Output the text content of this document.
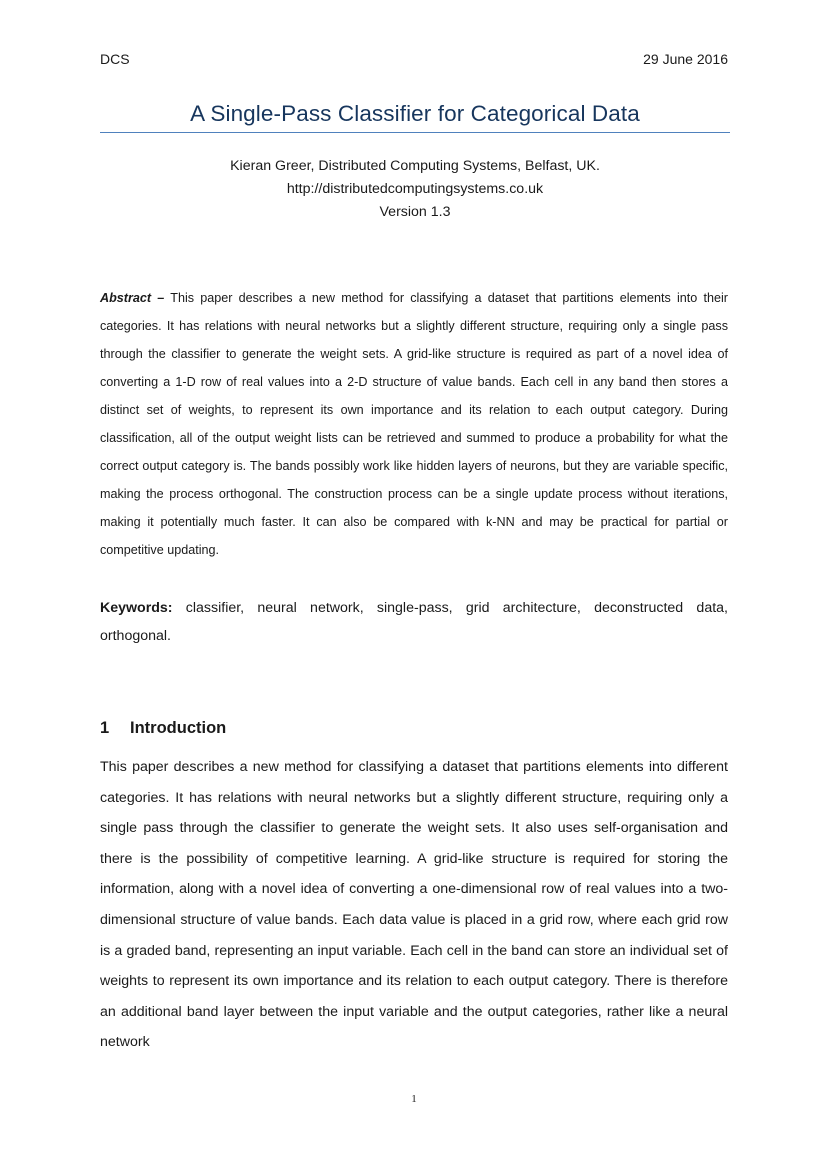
DCS	29 June 2016
A Single-Pass Classifier for Categorical Data
Kieran Greer, Distributed Computing Systems, Belfast, UK.
http://distributedcomputingsystems.co.uk
Version 1.3

Abstract – This paper describes a new method for classifying a dataset that partitions elements into their categories. It has relations with neural networks but a slightly different structure, requiring only a single pass through the classifier to generate the weight sets. A grid-like structure is required as part of a novel idea of converting a 1-D row of real values into a 2-D structure of value bands. Each cell in any band then stores a distinct set of weights, to represent its own importance and its relation to each output category. During classification, all of the output weight lists can be retrieved and summed to produce a probability for what the correct output category is. The bands possibly work like hidden layers of neurons, but they are variable specific, making the process orthogonal. The construction process can be a single update process without iterations, making it potentially much faster. It can also be compared with k-NN and may be practical for partial or competitive updating.

Keywords: classifier, neural network, single-pass, grid architecture, deconstructed data, orthogonal.

1 Introduction

This paper describes a new method for classifying a dataset that partitions elements into different categories. It has relations with neural networks but a slightly different structure, requiring only a single pass through the classifier to generate the weight sets. It also uses self-organisation and there is the possibility of competitive learning. A grid-like structure is required for storing the information, along with a novel idea of converting a one-dimensional row of real values into a two-dimensional structure of value bands. Each data value is placed in a grid row, where each grid row is a graded band, representing an input variable. Each cell in the band can store an individual set of weights to represent its own importance and its relation to each output category. There is therefore an additional band layer between the input variable and the output categories, rather like a neural network

1
